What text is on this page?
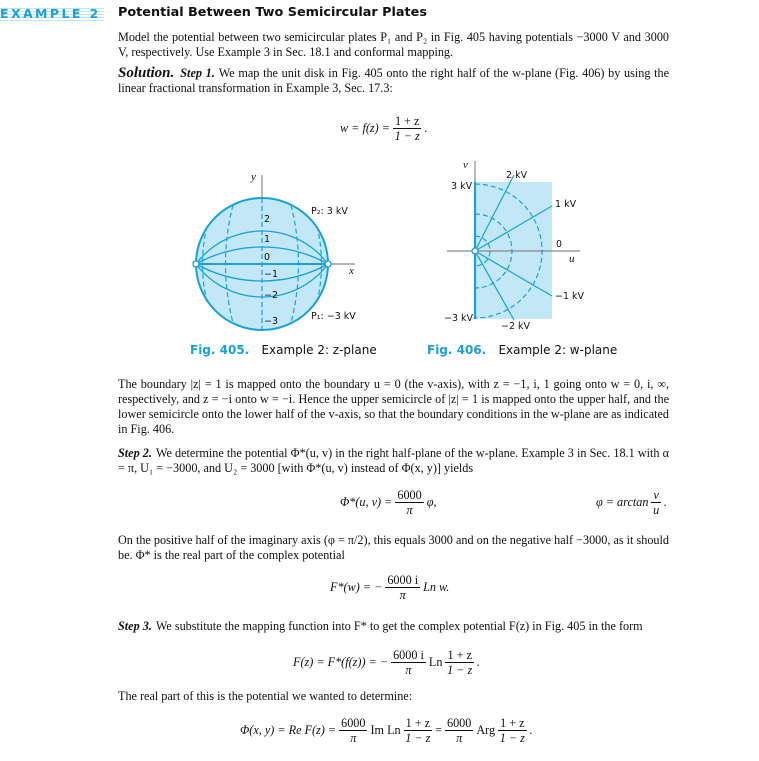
EXAMPLE 2 Potential Between Two Semicircular Plates
Model the potential between two semicircular plates P₁ and P₂ in Fig. 405 having potentials −3000 V and 3000 V, respectively. Use Example 3 in Sec. 18.1 and conformal mapping.
Solution. Step 1. We map the unit disk in Fig. 405 onto the right half of the w-plane (Fig. 406) by using the linear fractional transformation in Example 3, Sec. 17.3:
$w = f(z) = \frac{1 + z}{1 - z}$ .
y
x
2
1
0
−1
−2
−3
P₂: 3 kV
P₁: −3 kV
v
u
3 kV
2 kV
1 kV
0
−1 kV
−2 kV
−3 kV
Fig. 405. Example 2: z-plane	Fig. 406. Example 2: w-plane
The boundary |z| = 1 is mapped onto the boundary u = 0 (the v-axis), with z = −1, i, 1 going onto w = 0, i, ∞, respectively, and z = −i onto w = −i. Hence the upper semicircle of |z| = 1 is mapped onto the upper half, and the lower semicircle onto the lower half of the v-axis, so that the boundary conditions in the w-plane are as indicated in Fig. 406.
Step 2. We determine the potential Φ*(u, v) in the right half-plane of the w-plane. Example 3 in Sec. 18.1 with α = π, U₁ = −3000, and U₂ = 3000 [with Φ*(u, v) instead of Φ(x, y)] yields
Φ*(u, $v) = \frac{6000}{\pi} \varphi$,	$\varphi = \arctan \frac{v}{u}$ .
On the positive half of the imaginary axis (φ = π/2), this equals 3000 and on the negative half −3000, as it should be. Φ* is the real part of the complex potential
F*(w) = − $\frac{6000 i}{\pi}$ Ln w.
Step 3. We substitute the mapping function into F* to get the complex potential F(z) in Fig. 405 in the form
F(z) = F*(f(z)) = − $\frac{6000 i}{\pi}$ Ln $\frac{1 + z}{1 - z}$ .
The real part of this is the potential we wanted to determine:
Φ(x, y) = Re $F(z) = \frac{6000}{\pi}$ Im Ln $\frac{1 + z}{1 - z} = \frac{6000}{\pi}$ Arg $\frac{1 + z}{1 - z}$ .
